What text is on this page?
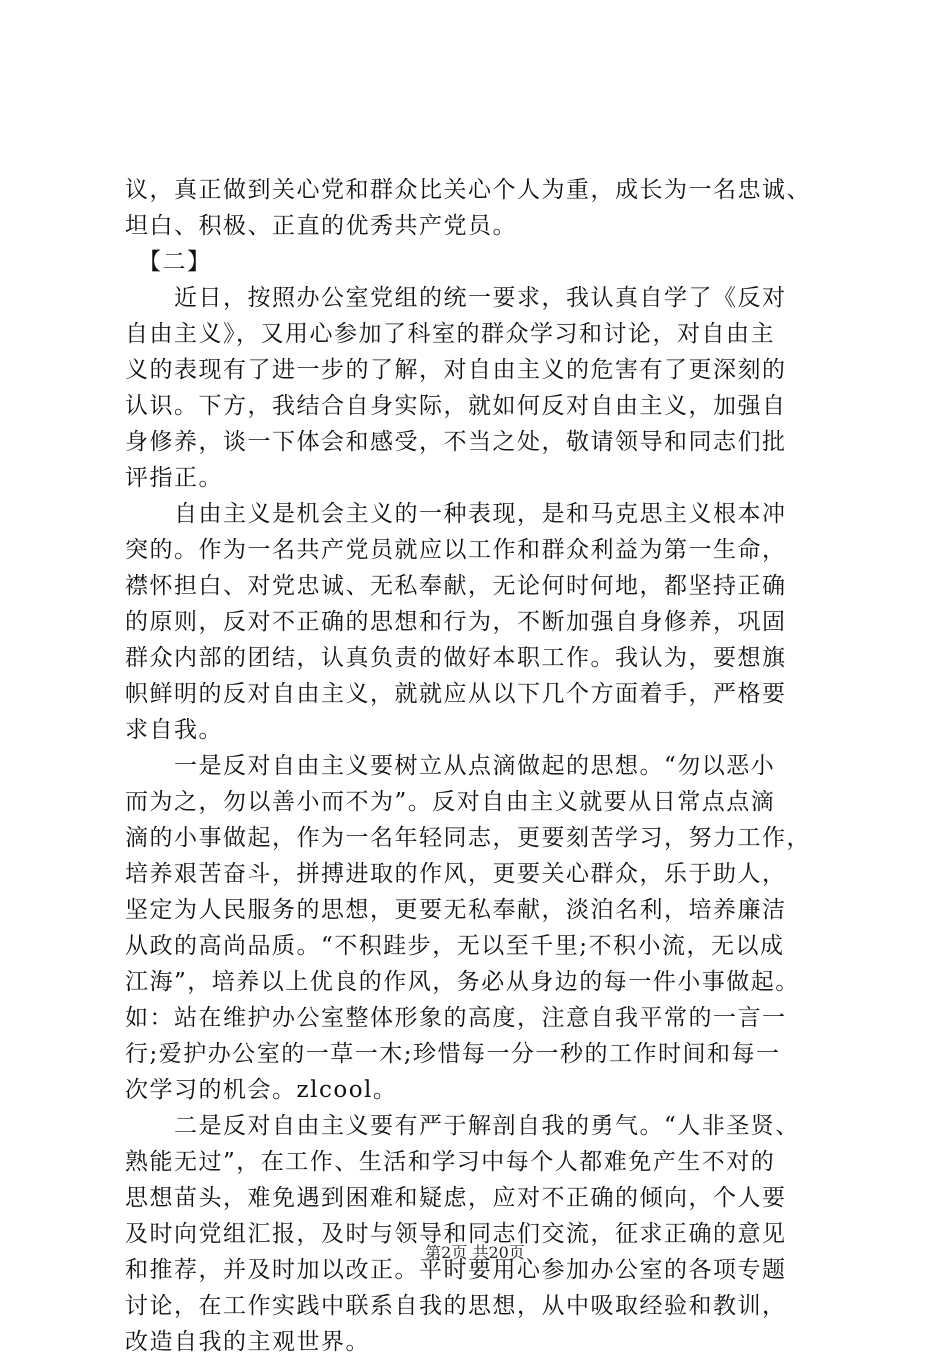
议，真正做到关心党和群众比关心个人为重，成长为一名忠诚、
坦白、积极、正直的优秀共产党员。
　【二】
　　近日，按照办公室党组的统一要求，我认真自学了《反对
自由主义》，又用心参加了科室的群众学习和讨论，对自由主
义的表现有了进一步的了解，对自由主义的危害有了更深刻的
认识。下方，我结合自身实际，就如何反对自由主义，加强自
身修养，谈一下体会和感受，不当之处，敬请领导和同志们批
评指正。
　　自由主义是机会主义的一种表现，是和马克思主义根本冲
突的。作为一名共产党员就应以工作和群众利益为第一生命，
襟怀担白、对党忠诚、无私奉献，无论何时何地，都坚持正确
的原则，反对不正确的思想和行为，不断加强自身修养，巩固
群众内部的团结，认真负责的做好本职工作。我认为，要想旗
帜鲜明的反对自由主义，就就应从以下几个方面着手，严格要
求自我。
　　一是反对自由主义要树立从点滴做起的思想。“勿以恶小
而为之，勿以善小而不为”。反对自由主义就要从日常点点滴
滴的小事做起，作为一名年轻同志，更要刻苦学习，努力工作，
培养艰苦奋斗，拼搏进取的作风，更要关心群众，乐于助人，
坚定为人民服务的思想，更要无私奉献，淡泊名利，培养廉洁
从政的高尚品质。“不积跬步，无以至千里;不积小流，无以成
江海”，培养以上优良的作风，务必从身边的每一件小事做起。
如：站在维护办公室整体形象的高度，注意自我平常的一言一
行;爱护办公室的一草一木;珍惜每一分一秒的工作时间和每一
次学习的机会。zlcool。
　　二是反对自由主义要有严于解剖自我的勇气。“人非圣贤、
熟能无过”，在工作、生活和学习中每个人都难免产生不对的
思想苗头，难免遇到困难和疑虑，应对不正确的倾向，个人要
及时向党组汇报，及时与领导和同志们交流，征求正确的意见
和推荐，并及时加以改正。平时要用心参加办公室的各项专题
讨论，在工作实践中联系自我的思想，从中吸取经验和教训，
改造自我的主观世界。
第2页 共20页
